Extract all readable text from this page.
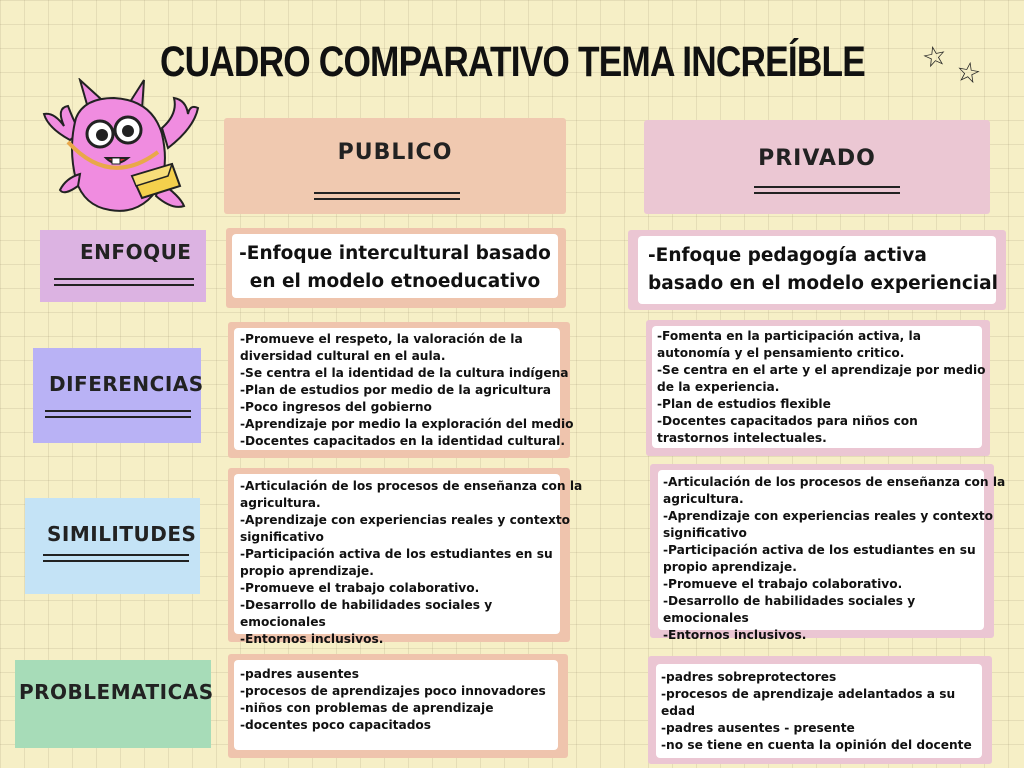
CUADRO COMPARATIVO TEMA INCREÍBLE ☆ ☆
PUBLICO	PRIVADO
ENFOQUE
DIFERENCIAS
SIMILITUDES
PROBLEMATICAS
-Enfoque intercultural basado
en el modelo etnoeducativo
-Promueve el respeto, la valoración de la
diversidad cultural en el aula.
-Se centra el la identidad de la cultura indígena
-Plan de estudios por medio de la agricultura
-Poco ingresos del gobierno
-Aprendizaje por medio la exploración del medio
-Docentes capacitados en la identidad cultural.
-Articulación de los procesos de enseñanza con la
agricultura.
-Aprendizaje con experiencias reales y contexto
significativo
-Participación activa de los estudiantes en su
propio aprendizaje.
-Promueve el trabajo colaborativo.
-Desarrollo de habilidades sociales y
emocionales
-Entornos inclusivos.
-padres ausentes
-procesos de aprendizajes poco innovadores
-niños con problemas de aprendizaje
-docentes poco capacitados
-Enfoque pedagogía activa
basado en el modelo experiencial
-Fomenta en la participación activa, la
autonomía y el pensamiento critico.
-Se centra en el arte y el aprendizaje por medio
de la experiencia.
-Plan de estudios flexible
-Docentes capacitados para niños con
trastornos intelectuales.
-Articulación de los procesos de enseñanza con la
agricultura.
-Aprendizaje con experiencias reales y contexto
significativo
-Participación activa de los estudiantes en su
propio aprendizaje.
-Promueve el trabajo colaborativo.
-Desarrollo de habilidades sociales y
emocionales
-Entornos inclusivos.
-padres sobreprotectores
-procesos de aprendizaje adelantados a su
edad
-padres ausentes - presente
-no se tiene en cuenta la opinión del docente
